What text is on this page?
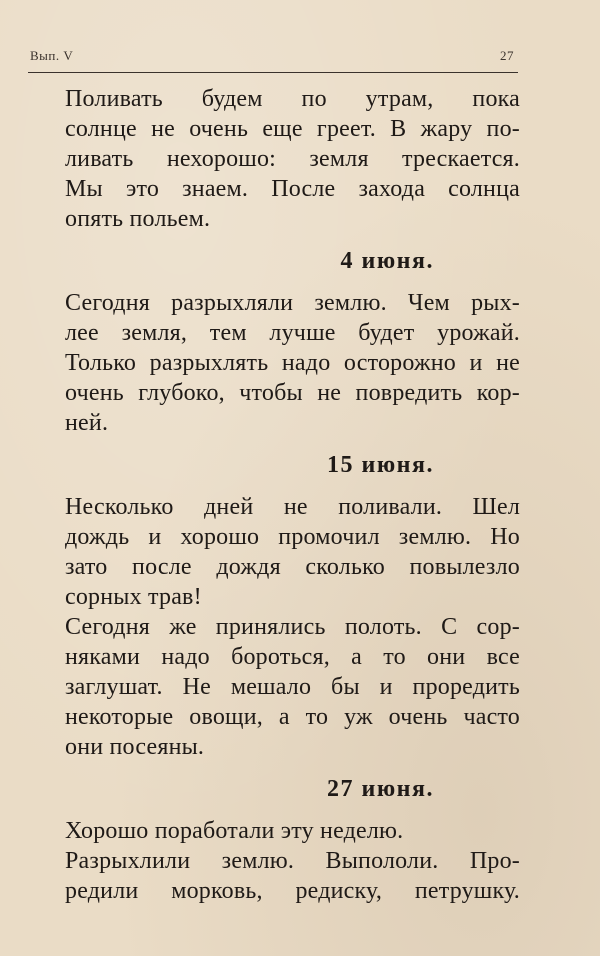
Вып. V	27
Поливать будем по утрам, пока
солнце не очень еще греет. В жару по-
ливать нехорошо: земля трескается.
Мы это знаем. После захода солнца
опять польем.
4 июня.
Сегодня разрыхляли землю. Чем рых-
лее земля, тем лучше будет урожай.
Только разрыхлять надо осторожно и не
очень глубоко, чтобы не повредить кор-
ней.
15 июня.
Несколько дней не поливали. Шел
дождь и хорошо промочил землю. Но
зато после дождя сколько повылезло
сорных трав!
Сегодня же принялись полоть. С сор-
няками надо бороться, а то они все
заглушат. Не мешало бы и проредить
некоторые овощи, а то уж очень часто
они посеяны.
27 июня.
Хорошо поработали эту неделю.
Разрыхлили землю. Выпололи. Про-
редили морковь, редиску, петрушку.
